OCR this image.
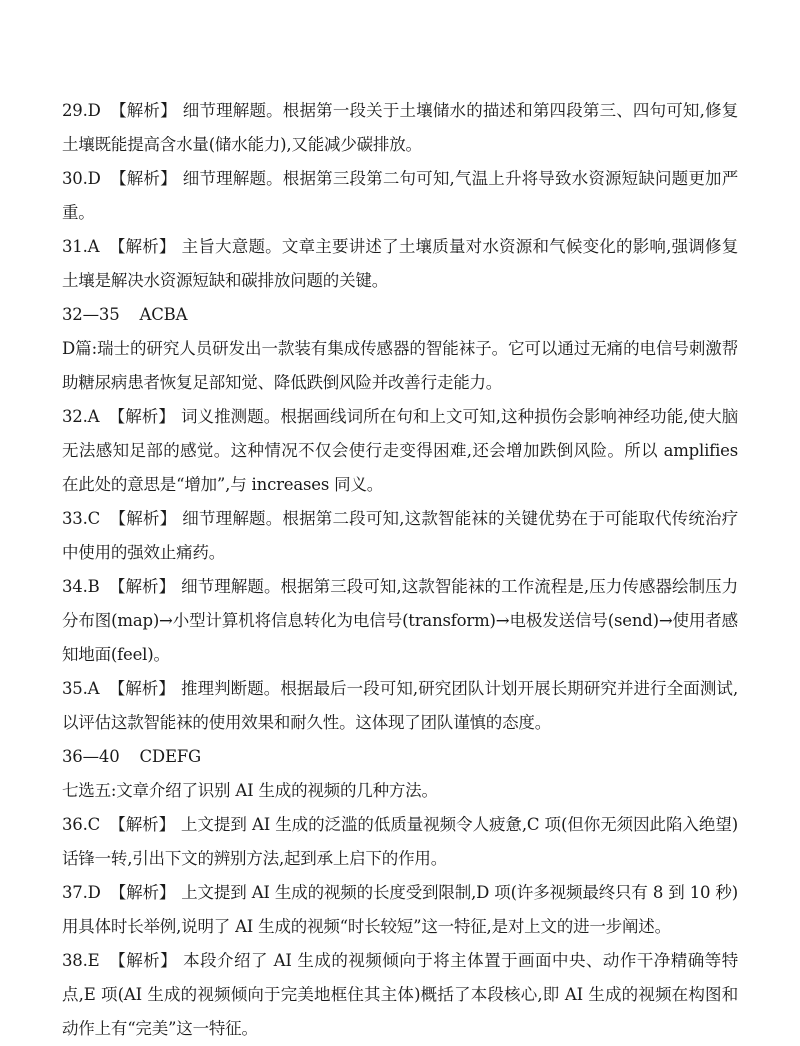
29.D 【解析】 细节理解题。根据第一段关于土壤储水的描述和第四段第三、四句可知,修复土壤既能提高含水量(储水能力),又能减少碳排放。
30.D 【解析】 细节理解题。根据第三段第二句可知,气温上升将导致水资源短缺问题更加严重。
31.A 【解析】 主旨大意题。文章主要讲述了土壤质量对水资源和气候变化的影响,强调修复土壤是解决水资源短缺和碳排放问题的关键。
32—35 ACBA
D篇:瑞士的研究人员研发出一款装有集成传感器的智能袜子。它可以通过无痛的电信号刺激帮助糖尿病患者恢复足部知觉、降低跌倒风险并改善行走能力。
32.A 【解析】 词义推测题。根据画线词所在句和上文可知,这种损伤会影响神经功能,使大脑无法感知足部的感觉。这种情况不仅会使行走变得困难,还会增加跌倒风险。所以 amplifies 在此处的意思是“增加”,与 increases 同义。
33.C 【解析】 细节理解题。根据第二段可知,这款智能袜的关键优势在于可能取代传统治疗中使用的强效止痛药。
34.B 【解析】 细节理解题。根据第三段可知,这款智能袜的工作流程是,压力传感器绘制压力分布图(map)→小型计算机将信息转化为电信号(transform)→电极发送信号(send)→使用者感知地面(feel)。
35.A 【解析】 推理判断题。根据最后一段可知,研究团队计划开展长期研究并进行全面测试,以评估这款智能袜的使用效果和耐久性。这体现了团队谨慎的态度。
36—40 CDEFG
七选五:文章介绍了识别 AI 生成的视频的几种方法。
36.C 【解析】 上文提到 AI 生成的泛滥的低质量视频令人疲惫,C 项(但你无须因此陷入绝望)话锋一转,引出下文的辨别方法,起到承上启下的作用。
37.D 【解析】 上文提到 AI 生成的视频的长度受到限制,D 项(许多视频最终只有 8 到 10 秒)用具体时长举例,说明了 AI 生成的视频“时长较短”这一特征,是对上文的进一步阐述。
38.E 【解析】 本段介绍了 AI 生成的视频倾向于将主体置于画面中央、动作干净精确等特点,E 项(AI 生成的视频倾向于完美地框住其主体)概括了本段核心,即 AI 生成的视频在构图和动作上有“完美”这一特征。
